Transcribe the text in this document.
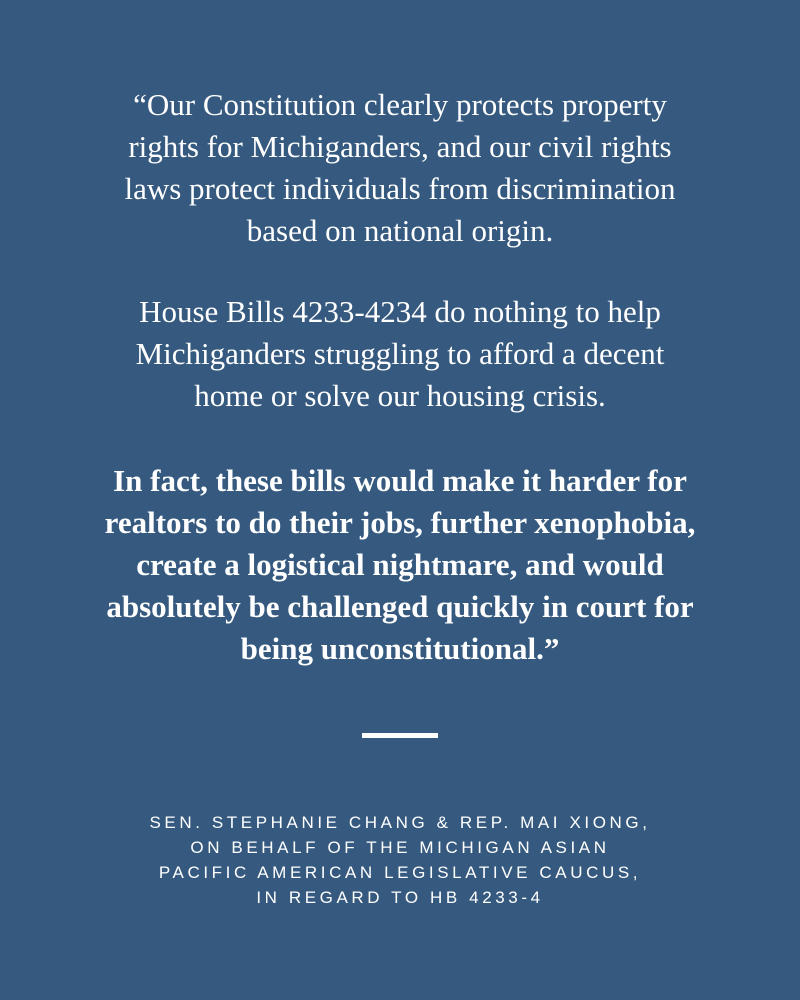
“Our Constitution clearly protects property
rights for Michiganders, and our civil rights
laws protect individuals from discrimination
based on national origin.
House Bills 4233-4234 do nothing to help
Michiganders struggling to afford a decent
home or solve our housing crisis.
In fact, these bills would make it harder for
realtors to do their jobs, further xenophobia,
create a logistical nightmare, and would
absolutely be challenged quickly in court for
being unconstitutional.”
SEN. STEPHANIE CHANG & REP. MAI XIONG,
ON BEHALF OF THE MICHIGAN ASIAN
PACIFIC AMERICAN LEGISLATIVE CAUCUS,
IN REGARD TO HB 4233-4
